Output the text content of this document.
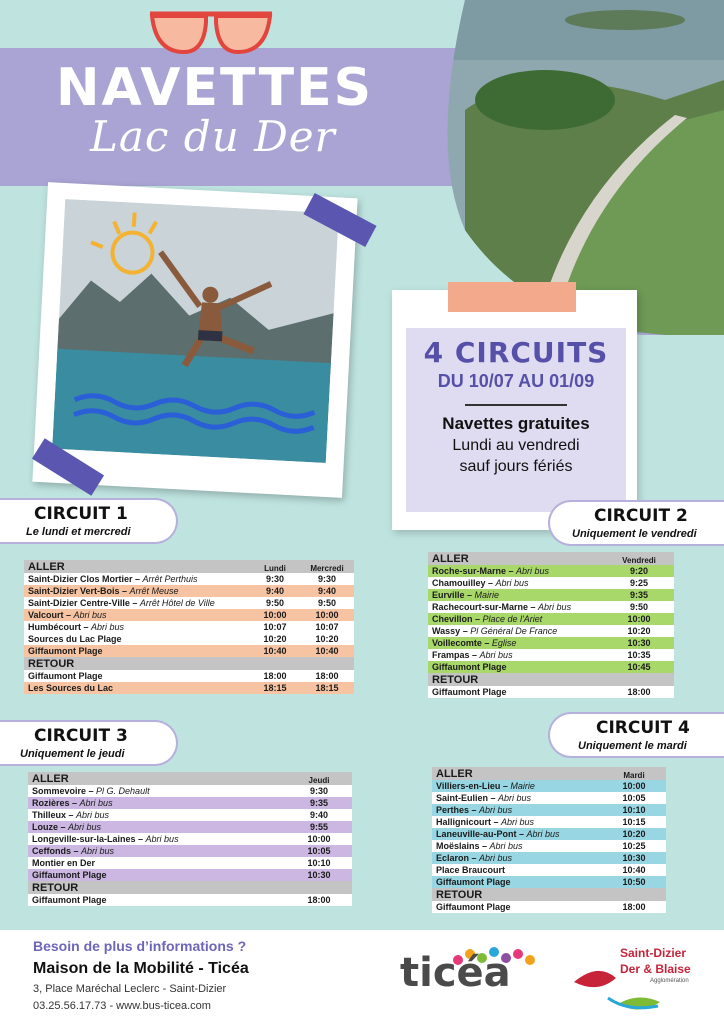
NAVETTES
Lac du Der
4 CIRCUITS
DU 10/07 AU 01/09
Navettes gratuites
Lundi au vendredi
sauf jours fériés
CIRCUIT 1
Le lundi et mercredi
ALLER	Lundi	Mercredi
Saint-Dizier Clos Mortier – Arrêt Perthuis	9:30	9:30
Saint-Dizier Vert-Bois – Arrêt Meuse	9:40	9:40
Saint-Dizier Centre-Ville – Arrêt Hôtel de Ville	9:50	9:50
Valcourt – Abri bus	10:00	10:00
Humbécourt – Abri bus	10:07	10:07
Sources du Lac Plage	10:20	10:20
Giffaumont Plage	10:40	10:40
RETOUR		
Giffaumont Plage	18:00	18:00
Les Sources du Lac	18:15	18:15
CIRCUIT 2
Uniquement le vendredi
ALLER	Vendredi
Roche-sur-Marne – Abri bus	9:20
Chamouilley – Abri bus	9:25
Eurville – Mairie	9:35
Rachecourt-sur-Marne – Abri bus	9:50
Chevillon – Place de l'Ariet	10:00
Wassy – Pl Général De France	10:20
Voillecomte – Eglise	10:30
Frampas – Abri bus	10:35
Giffaumont Plage	10:45
RETOUR	
Giffaumont Plage	18:00
CIRCUIT 3
Uniquement le jeudi
ALLER	Jeudi
Sommevoire – Pl G. Dehault	9:30
Rozières – Abri bus	9:35
Thilleux – Abri bus	9:40
Louze – Abri bus	9:55
Longeville-sur-la-Laines – Abri bus	10:00
Ceffonds – Abri bus	10:05
Montier en Der	10:10
Giffaumont Plage	10:30
RETOUR	
Giffaumont Plage	18:00
CIRCUIT 4
Uniquement le mardi
ALLER	Mardi
Villiers-en-Lieu – Mairie	10:00
Saint-Eulien – Abri bus	10:05
Perthes – Abri bus	10:10
Hallignicourt – Abri bus	10:15
Laneuville-au-Pont – Abri bus	10:20
Moëslains – Abri bus	10:25
Eclaron – Abri bus	10:30
Place Braucourt	10:40
Giffaumont Plage	10:50
RETOUR	
Giffaumont Plage	18:00
Besoin de plus d’informations ?
Maison de la Mobilité - Ticéa
3, Place Maréchal Leclerc - Saint-Dizier
03.25.56.17.73 - www.bus-ticea.com
ticéa	Saint-Dizier
Der & Blaise
Agglomération
